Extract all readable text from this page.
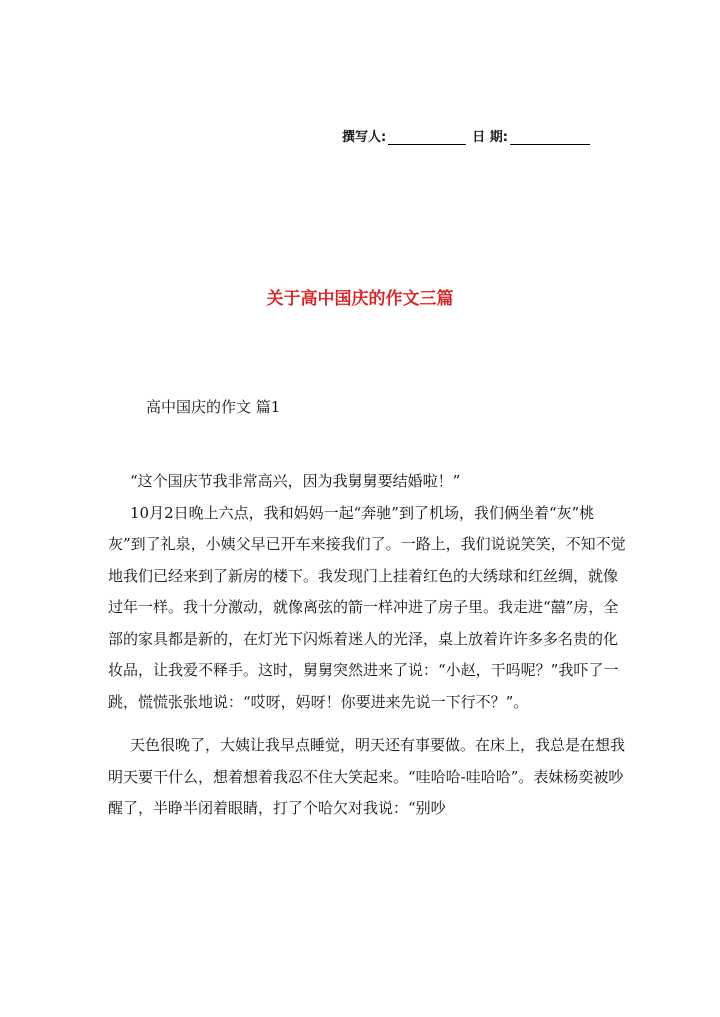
撰写人:	日 期:
关于高中国庆的作文三篇
高中国庆的作文 篇1

“这个国庆节我非常高兴，因为我舅舅要结婚啦！”

10月2日晚上六点，我和妈妈一起“奔驰”到了机场，我们俩坐着“灰”桃灰”到了礼泉，小姨父早已开车来接我们了。一路上，我们说说笑笑，不知不觉地我们已经来到了新房的楼下。我发现门上挂着红色的大绣球和红丝绸，就像过年一样。我十分激动，就像离弦的箭一样冲进了房子里。我走进“囍”房，全部的家具都是新的，在灯光下闪烁着迷人的光泽，桌上放着许许多多名贵的化妆品，让我爱不释手。这时，舅舅突然进来了说：“小赵，干吗呢？”我吓了一跳，慌慌张张地说：“哎呀，妈呀！你要进来先说一下行不？”。

天色很晚了，大姨让我早点睡觉，明天还有事要做。在床上，我总是在想我明天要干什么，想着想着我忍不住大笑起来。“哇哈哈-哇哈哈”。表妹杨奕被吵醒了，半睁半闭着眼睛，打了个哈欠对我说：“别吵
